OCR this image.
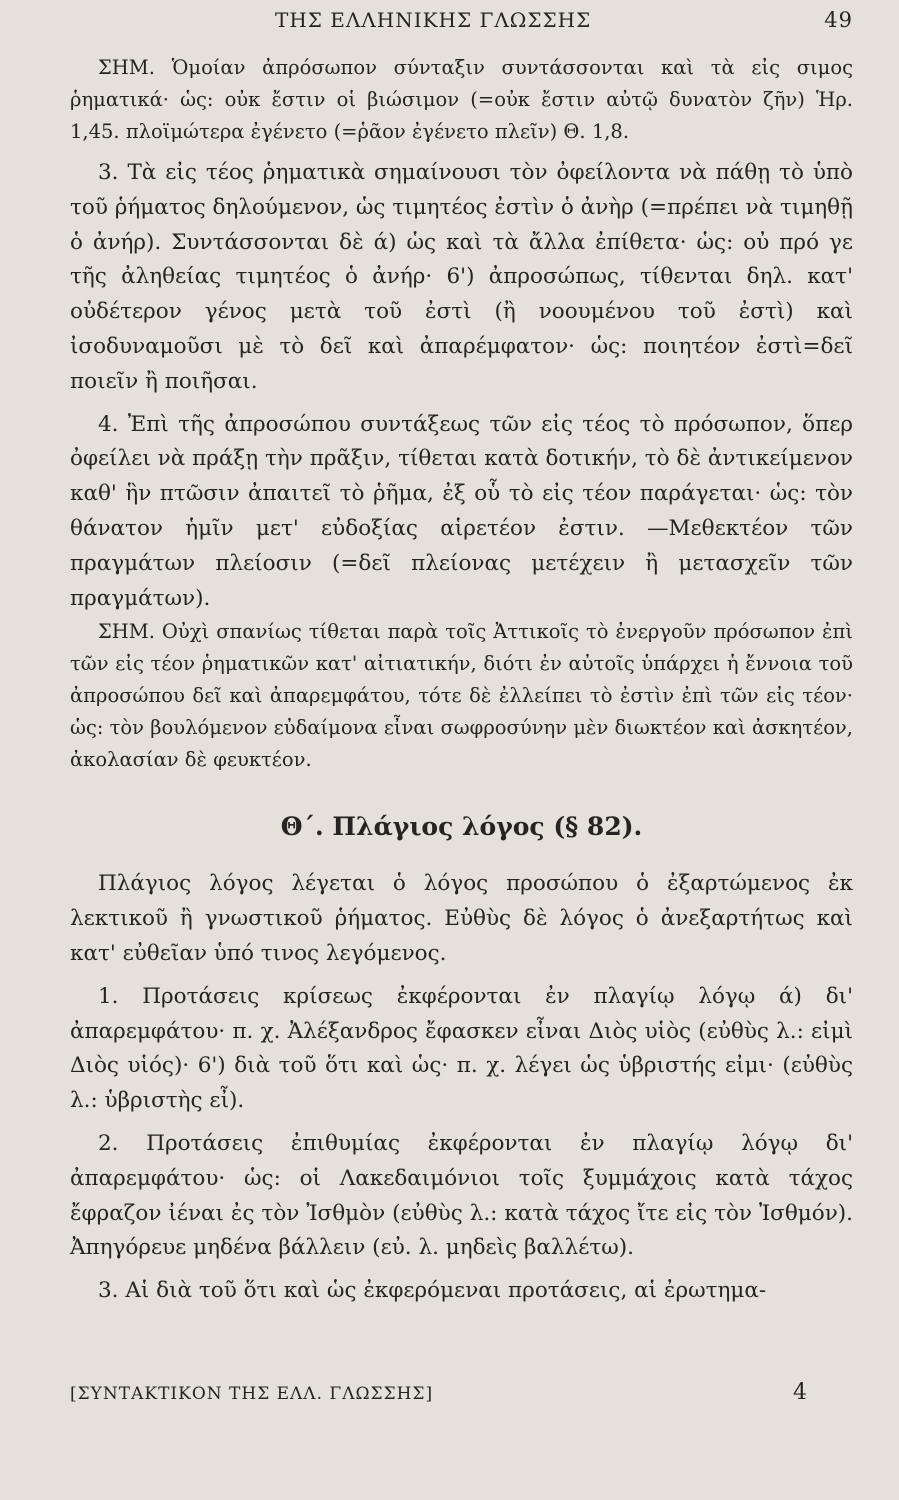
ΤΗΣ ΕΛΛΗΝΙΚΗΣ ΓΛΩΣΣΗΣ	49

ΣΗΜ. Ὁμοίαν ἀπρόσωπον σύνταξιν συντάσσονται καὶ τὰ εἰς σιμος ῥηματικά· ὡς: οὐκ ἔστιν οἱ βιώσιμον (=οὐκ ἔστιν αὐτῷ δυνατὸν ζῆν) Ἡρ. 1,45. πλοϊμώτερα ἐγένετο (=ῥᾶον ἐγένετο πλεῖν) Θ. 1,8.

3. Τὰ εἰς τέος ῥηματικὰ σημαίνουσι τὸν ὀφείλοντα νὰ πάθῃ τὸ ὑπὸ τοῦ ῥήματος δηλούμενον, ὡς τιμητέος ἐστὶν ὁ ἀνὴρ (=πρέπει νὰ τιμηθῇ ὁ ἀνήρ). Συντάσσονται δὲ ά) ὡς καὶ τὰ ἄλλα ἐπίθετα· ὡς: οὐ πρό γε τῆς ἀληθείας τιμητέος ὁ ἀνήρ· 6') ἀπροσώπως, τίθενται δηλ. κατ' οὐδέτερον γένος μετὰ τοῦ ἐστὶ (ἢ νοουμένου τοῦ ἐστὶ) καὶ ἰσοδυναμοῦσι μὲ τὸ δεῖ καὶ ἀπαρέμφατον· ὡς: ποιητέον ἐστὶ=δεῖ ποιεῖν ἢ ποιῆσαι.

4. Ἐπὶ τῆς ἀπροσώπου συντάξεως τῶν εἰς τέος τὸ πρόσωπον, ὅπερ ὀφείλει νὰ πράξῃ τὴν πρᾶξιν, τίθεται κατὰ δοτικήν, τὸ δὲ ἀντικείμενον καθ' ἣν πτῶσιν ἀπαιτεῖ τὸ ῥῆμα, ἐξ οὗ τὸ εἰς τέον παράγεται· ὡς: τὸν θάνατον ἡμῖν μετ' εὐδοξίας αἱρετέον ἐστιν. —Μεθεκτέον τῶν πραγμάτων πλείοσιν (=δεῖ πλείονας μετέχειν ἢ μετασχεῖν τῶν πραγμάτων).

ΣΗΜ. Οὐχὶ σπανίως τίθεται παρὰ τοῖς Ἀττικοῖς τὸ ἐνεργοῦν πρόσωπον ἐπὶ τῶν εἰς τέον ῥηματικῶν κατ' αἰτιατικήν, διότι ἐν αὐτοῖς ὑπάρχει ἡ ἔννοια τοῦ ἀπροσώπου δεῖ καὶ ἀπαρεμφάτου, τότε δὲ ἐλλείπει τὸ ἐστὶν ἐπὶ τῶν εἰς τέον· ὡς: τὸν βουλόμενον εὐδαίμονα εἶναι σωφροσύνην μὲν διωκτέον καὶ ἀσκητέον, ἀκολασίαν δὲ φευκτέον.

Θ΄. Πλάγιος λόγος (§ 82).

Πλάγιος λόγος λέγεται ὁ λόγος προσώπου ὁ ἐξαρτώμενος ἐκ λεκτικοῦ ἢ γνωστικοῦ ῥήματος. Εὐθὺς δὲ λόγος ὁ ἀνεξαρτήτως καὶ κατ' εὐθεῖαν ὑπό τινος λεγόμενος.

1. Προτάσεις κρίσεως ἐκφέρονται ἐν πλαγίῳ λόγῳ ά) δι' ἀπαρεμφάτου· π. χ. Ἀλέξανδρος ἔφασκεν εἶναι Διὸς υἱὸς (εὐθὺς λ.: εἰμὶ Διὸς υἱός)· 6') διὰ τοῦ ὅτι καὶ ὡς· π. χ. λέγει ὡς ὑβριστής εἰμι· (εὐθὺς λ.: ὑβριστὴς εἶ).

2. Προτάσεις ἐπιθυμίας ἐκφέρονται ἐν πλαγίῳ λόγῳ δι' ἀπαρεμφάτου· ὡς: οἱ Λακεδαιμόνιοι τοῖς ξυμμάχοις κατὰ τάχος ἔφραζον ἰέναι ἐς τὸν Ἰσθμὸν (εὐθὺς λ.: κατὰ τάχος ἴτε εἰς τὸν Ἰσθμόν). Ἀπηγόρευε μηδένα βάλλειν (εὐ. λ. μηδεὶς βαλλέτω).

3. Αἱ διὰ τοῦ ὅτι καὶ ὡς ἐκφερόμεναι προτάσεις, αἱ ἐρωτημα-

[ΣΥΝΤΑΚΤΙΚΟΝ ΤΗΣ ΕΛΛ. ΓΛΩΣΣΗΣ]	4
